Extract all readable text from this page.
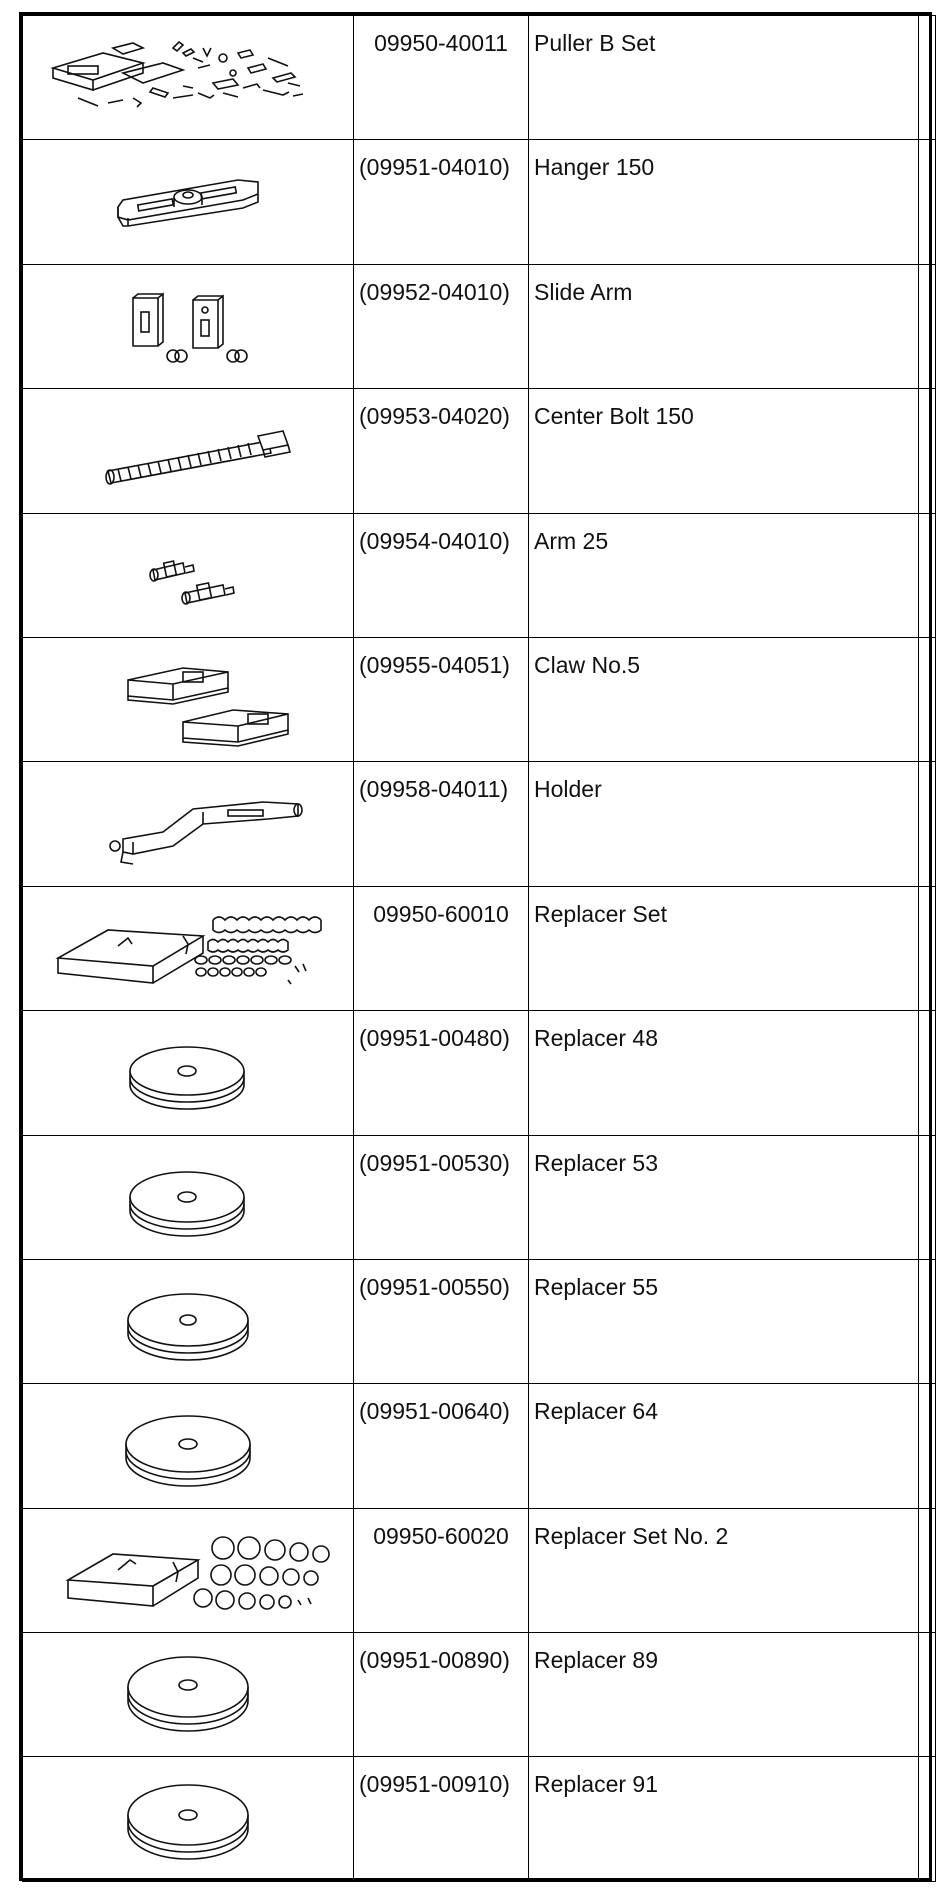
	09950-40011	Puller B Set	

	(09951-04010)	Hanger 150	

	(09952-04010)	Slide Arm	

	(09953-04020)	Center Bolt 150	

	(09954-04010)	Arm 25	

	(09955-04051)	Claw No.5	

	(09958-04011)	Holder	

	09950-60010	Replacer Set	

	(09951-00480)	Replacer 48	

	(09951-00530)	Replacer 53	

	(09951-00550)	Replacer 55	

	(09951-00640)	Replacer 64	

	09950-60020	Replacer Set No. 2	

	(09951-00890)	Replacer 89	

	(09951-00910)	Replacer 91	
